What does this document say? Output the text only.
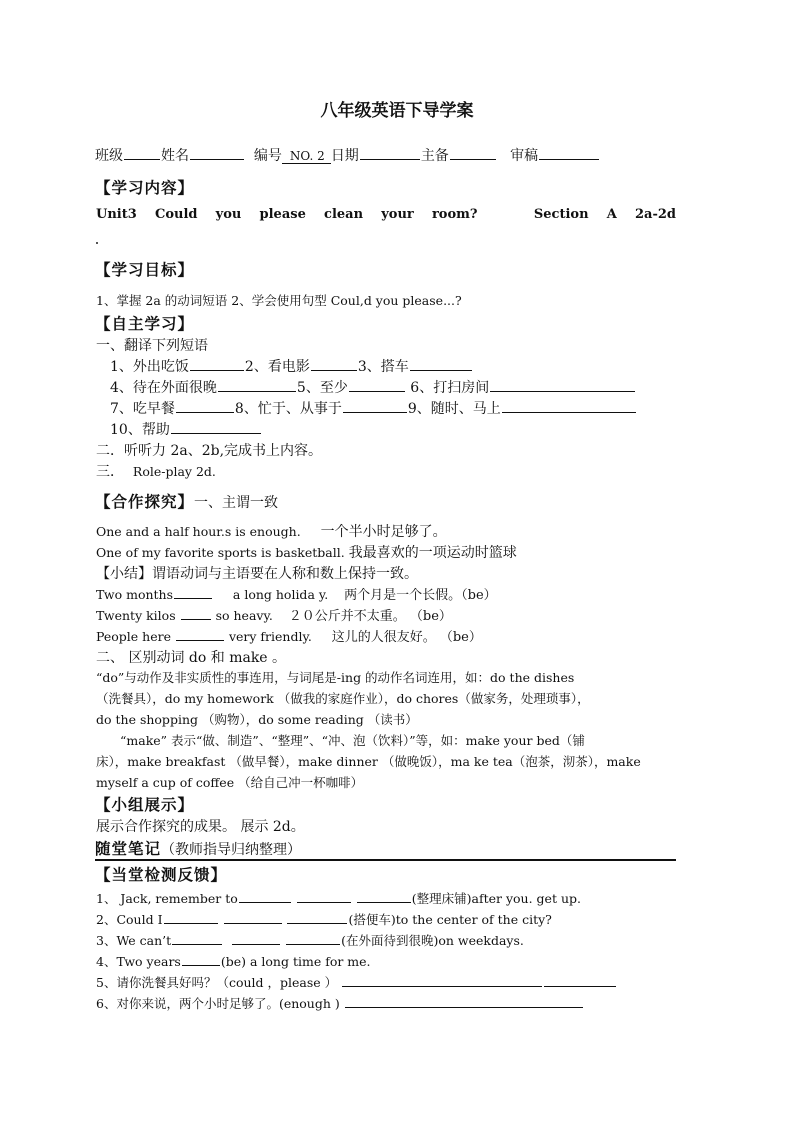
八年级英语下导学案
班级	姓名	编号 NO. 2 日期	主备	审稿
【学习内容】
Unit3 Could you please clean your room?	Section A 2a-2d
【学习目标】
1、掌握 2a 的动词短语 2、学会使用句型 Coul,d you please...?
【自主学习】
一、翻译下列短语
1、外出吃饭	2、看电影	3、搭车
4、待在外面很晚	5、至少	6、打扫房间
7、吃早餐	8、忙于、从事于	9、随时、马上
10、帮助
二．听听力 2a、2b,完成书上内容。
三． Role-play 2d.
【合作探究】一、主谓一致
One and a half hour.s is enough. 一个半小时足够了。
One of my favorite sports is basketball. 我最喜欢的一项运动时篮球
【小结】谓语动词与主语要在人称和数上保持一致。
Two months	a long holida y. 两个月是一个长假。（be）
Twenty kilos	so heavy. ２０公斤并不太重。 （be）
People here	very friendly. 这儿的人很友好。 （be）
二、 区别动词 do 和 make 。
“do”与动作及非实质性的事连用，与词尾是-ing 的动作名词连用，如：do the dishes
（洗餐具），do my homework （做我的家庭作业），do chores（做家务，处理琐事），
do the shopping （购物），do some reading （读书）
“make” 表示“做、制造”、“整理”、“冲、泡（饮料）”等，如：make your bed（铺
床），make breakfast （做早餐），make dinner （做晚饭），ma ke tea（泡茶，沏茶），make
myself a cup of coffee （给自己冲一杯咖啡）
【小组展示】
展示合作探究的成果。 展示 2d。
随堂笔记（教师指导归纳整理）
【当堂检测反馈】
1、 Jack, remember to	(整理床铺)after you. get up.
2、Could I	(搭便车)to the center of the city?
3、We can’t	(在外面待到很晚)on weekdays.
4、Two years	(be) a long time for me.
5、请你洗餐具好吗？（could ，please ）
6、对你来说，两个小时足够了。(enough )
